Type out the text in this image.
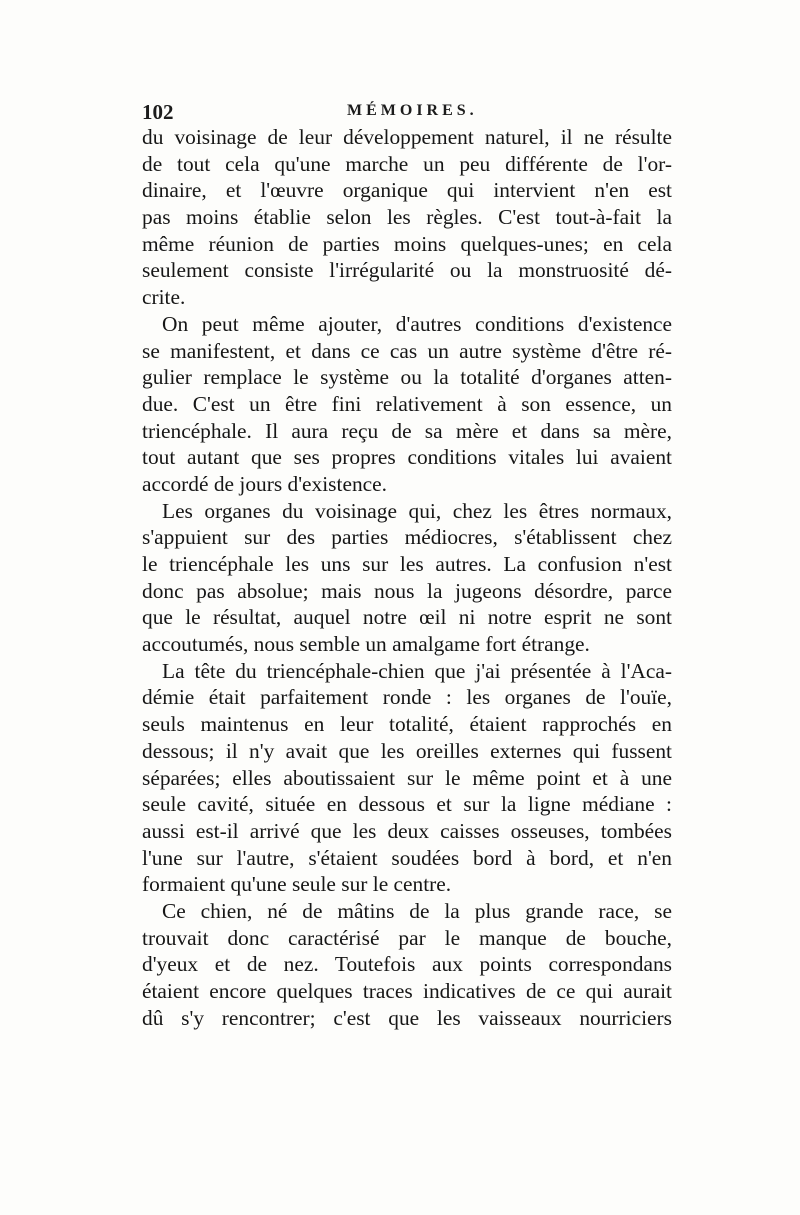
102	MÉMOIRES.
du voisinage de leur développement naturel, il ne résulte
de tout cela qu'une marche un peu différente de l'or-
dinaire, et l'œuvre organique qui intervient n'en est
pas moins établie selon les règles. C'est tout-à-fait la
même réunion de parties moins quelques-unes; en cela
seulement consiste l'irrégularité ou la monstruosité dé-
crite.
On peut même ajouter, d'autres conditions d'existence
se manifestent, et dans ce cas un autre système d'être ré-
gulier remplace le système ou la totalité d'organes atten-
due. C'est un être fini relativement à son essence, un
triencéphale. Il aura reçu de sa mère et dans sa mère,
tout autant que ses propres conditions vitales lui avaient
accordé de jours d'existence.
Les organes du voisinage qui, chez les êtres normaux,
s'appuient sur des parties médiocres, s'établissent chez
le triencéphale les uns sur les autres. La confusion n'est
donc pas absolue; mais nous la jugeons désordre, parce
que le résultat, auquel notre œil ni notre esprit ne sont
accoutumés, nous semble un amalgame fort étrange.
La tête du triencéphale-chien que j'ai présentée à l'Aca-
démie était parfaitement ronde : les organes de l'ouïe,
seuls maintenus en leur totalité, étaient rapprochés en
dessous; il n'y avait que les oreilles externes qui fussent
séparées; elles aboutissaient sur le même point et à une
seule cavité, située en dessous et sur la ligne médiane :
aussi est-il arrivé que les deux caisses osseuses, tombées
l'une sur l'autre, s'étaient soudées bord à bord, et n'en
formaient qu'une seule sur le centre.
Ce chien, né de mâtins de la plus grande race, se
trouvait donc caractérisé par le manque de bouche,
d'yeux et de nez. Toutefois aux points correspondans
étaient encore quelques traces indicatives de ce qui aurait
dû s'y rencontrer; c'est que les vaisseaux nourriciers
